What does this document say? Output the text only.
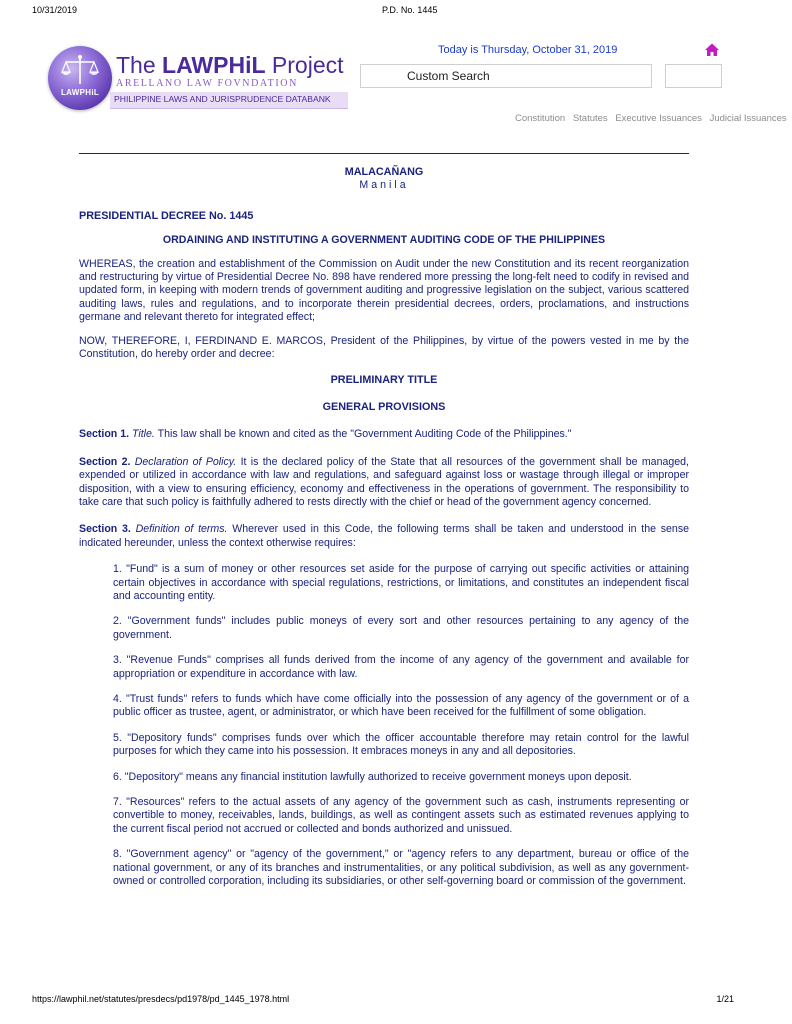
10/31/2019	P.D. No. 1445
LAWPHiL
The LAWPHiL Project
ARELLANO LAW FOVNDATION
PHILIPPINE LAWS AND JURISPRUDENCE DATABANK
Today is Thursday, October 31, 2019
Custom Search
Constitution Statutes Executive Issuances Judicial Issuances

MALACAÑANG

Manila

PRESIDENTIAL DECREE No. 1445

ORDAINING AND INSTITUTING A GOVERNMENT AUDITING CODE OF THE PHILIPPINES

WHEREAS, the creation and establishment of the Commission on Audit under the new Constitution and its recent reorganization and restructuring by virtue of Presidential Decree No. 898 have rendered more pressing the long-felt need to codify in revised and updated form, in keeping with modern trends of government auditing and progressive legislation on the subject, various scattered auditing laws, rules and regulations, and to incorporate therein presidential decrees, orders, proclamations, and instructions germane and relevant thereto for integrated effect;

NOW, THEREFORE, I, FERDINAND E. MARCOS, President of the Philippines, by virtue of the powers vested in me by the Constitution, do hereby order and decree:

PRELIMINARY TITLE

GENERAL PROVISIONS

Section 1. Title. This law shall be known and cited as the "Government Auditing Code of the Philippines."

Section 2. Declaration of Policy. It is the declared policy of the State that all resources of the government shall be managed, expended or utilized in accordance with law and regulations, and safeguard against loss or wastage through illegal or improper disposition, with a view to ensuring efficiency, economy and effectiveness in the operations of government. The responsibility to take care that such policy is faithfully adhered to rests directly with the chief or head of the government agency concerned.

Section 3. Definition of terms. Wherever used in this Code, the following terms shall be taken and understood in the sense indicated hereunder, unless the context otherwise requires:

1. "Fund" is a sum of money or other resources set aside for the purpose of carrying out specific activities or attaining certain objectives in accordance with special regulations, restrictions, or limitations, and constitutes an independent fiscal and accounting entity.

2. "Government funds" includes public moneys of every sort and other resources pertaining to any agency of the government.

3. "Revenue Funds" comprises all funds derived from the income of any agency of the government and available for appropriation or expenditure in accordance with law.

4. "Trust funds" refers to funds which have come officially into the possession of any agency of the government or of a public officer as trustee, agent, or administrator, or which have been received for the fulfillment of some obligation.

5. "Depository funds" comprises funds over which the officer accountable therefore may retain control for the lawful purposes for which they came into his possession. It embraces moneys in any and all depositories.

6. "Depository" means any financial institution lawfully authorized to receive government moneys upon deposit.

7. "Resources" refers to the actual assets of any agency of the government such as cash, instruments representing or convertible to money, receivables, lands, buildings, as well as contingent assets such as estimated revenues applying to the current fiscal period not accrued or collected and bonds authorized and unissued.

8. "Government agency" or "agency of the government," or "agency refers to any department, bureau or office of the national government, or any of its branches and instrumentalities, or any political subdivision, as well as any government-owned or controlled corporation, including its subsidiaries, or other self-governing board or commission of the government.

https://lawphil.net/statutes/presdecs/pd1978/pd_1445_1978.html	1/21
